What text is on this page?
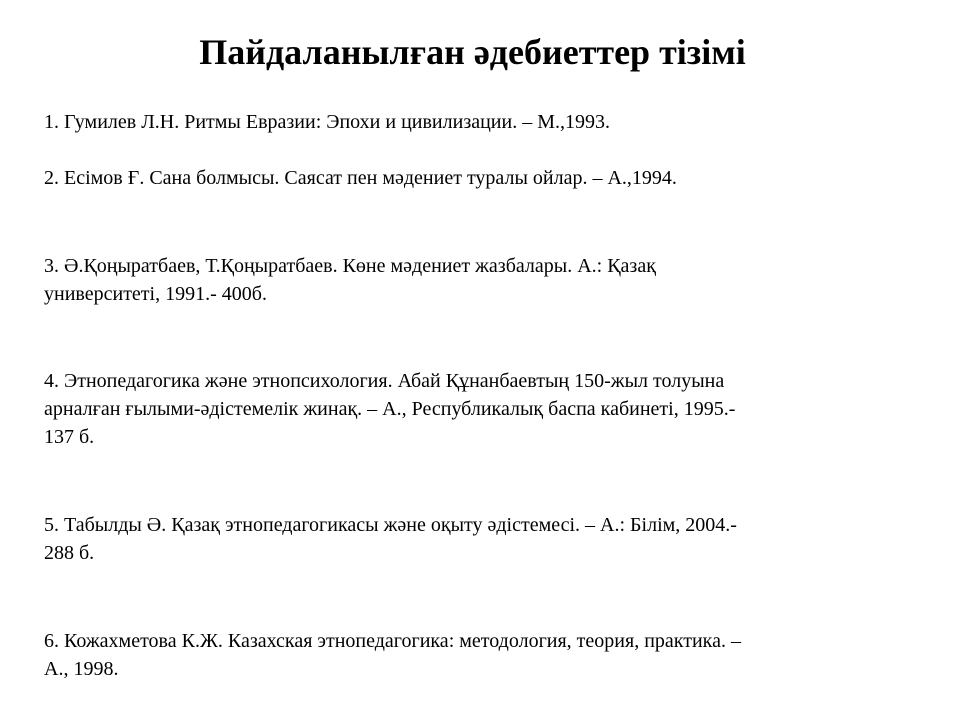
Пайдаланылған әдебиеттер тізімі
1. Гумилев Л.Н. Ритмы Евразии: Эпохи и цивилизации. – М.,1993.
2. Есімов Ғ. Сана болмысы. Саясат пен мәдениет туралы ойлар. – А.,1994.
3. Ә.Қоңыратбаев, Т.Қоңыратбаев. Көне мәдениет жазбалары. А.: Қазақ
университеті, 1991.- 400б.
4. Этнопедагогика және этнопсихология. Абай Құнанбаевтың 150-жыл толуына
арналған ғылыми-әдістемелік жинақ. – А., Республикалық баспа кабинеті, 1995.-
137 б.
5. Табылды Ә. Қазақ этнопедагогикасы және оқыту әдістемесі. – А.: Білім, 2004.-
288 б.
6. Кожахметова К.Ж. Казахская этнопедагогика: методология, теория, практика. –
А., 1998.
